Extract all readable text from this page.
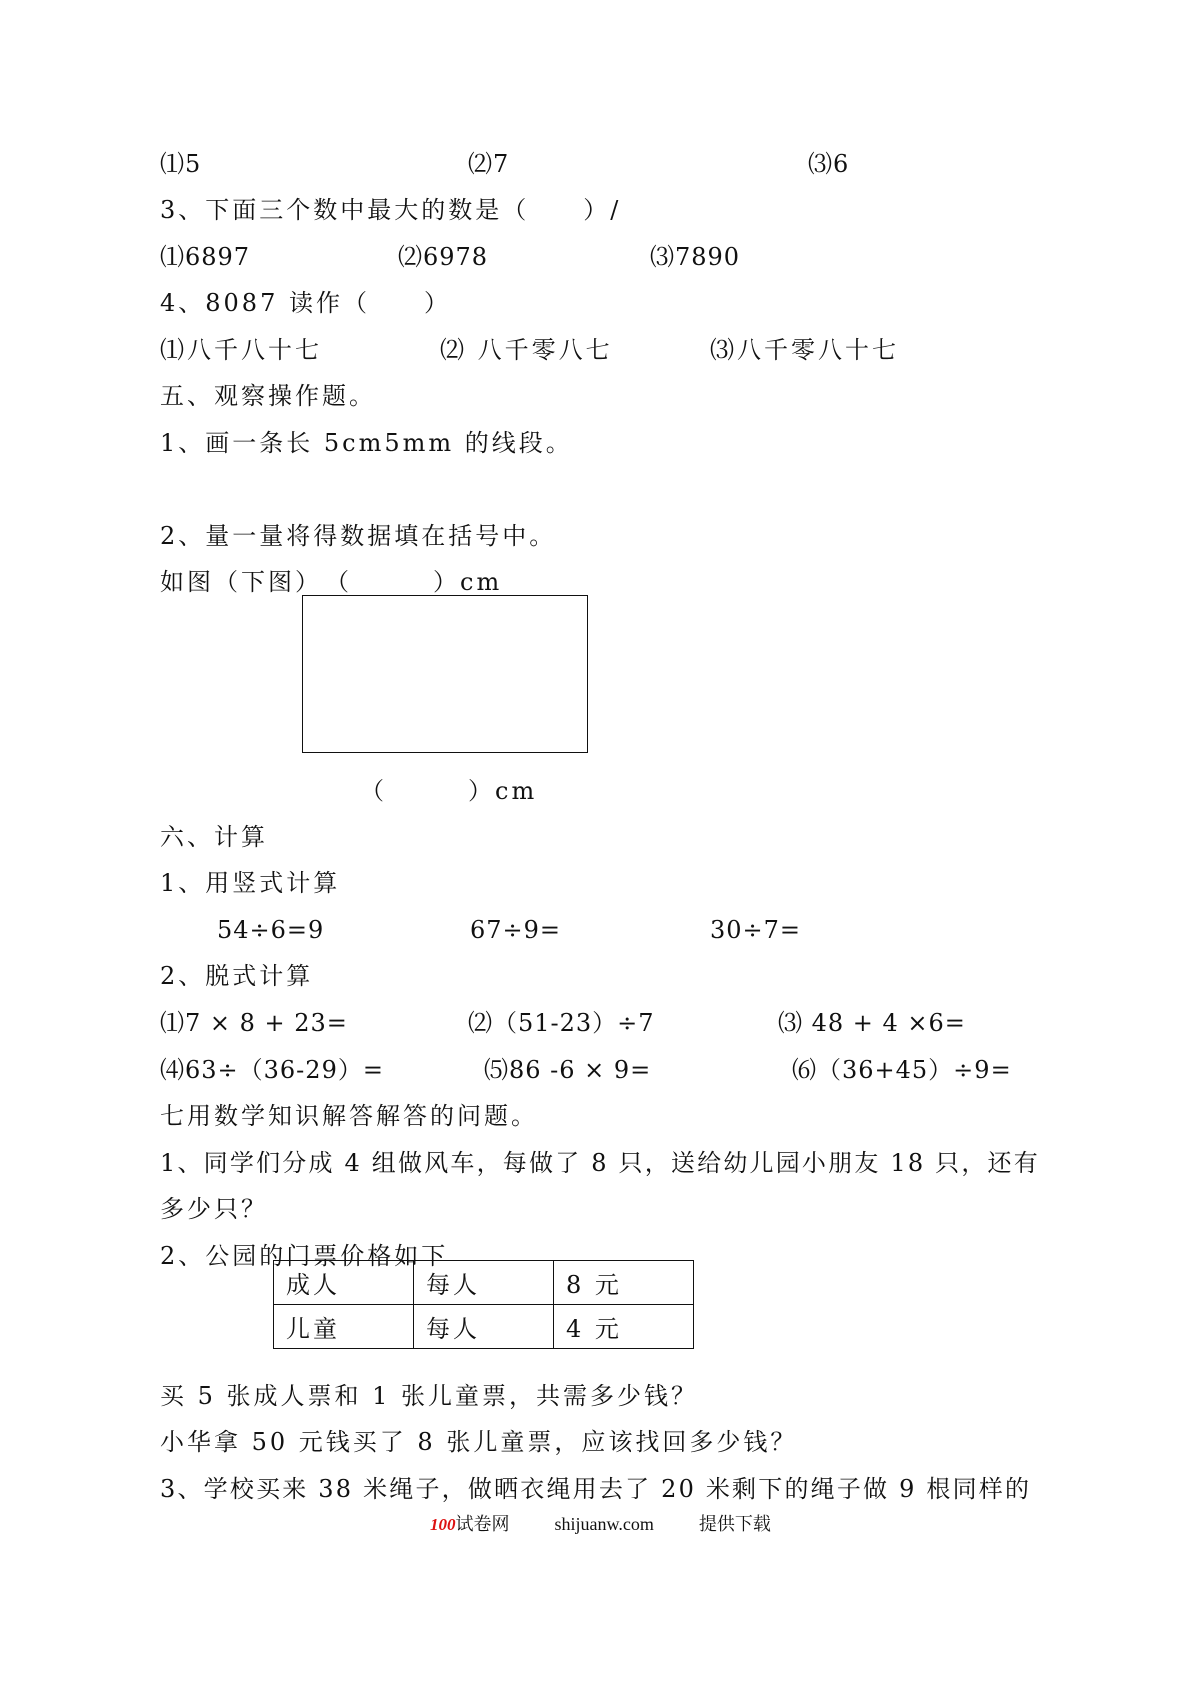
⑴5	⑵7	⑶6
3、下面三个数中最大的数是（　　）/
⑴6897	⑵6978	⑶7890
4、8087 读作（　　）
⑴八千八十七	⑵ 八千零八七	⑶八千零八十七
五、观察操作题。
1、画一条长 5cm5mm 的线段。
2、量一量将得数据填在括号中。
如图（下图）　（　　　）cm
（　　　）cm
六、计算
1、用竖式计算
54÷6=9	67÷9=	30÷7=
2、脱式计算
⑴7 × 8 + 23=	⑵（51-23）÷7	⑶ 48 + 4 ×6=
⑷63÷（36-29）=	⑸86 -6 × 9=	⑹（36+45）÷9=
七用数学知识解答解答的问题。
1、同学们分成 4 组做风车，每做了 8 只，送给幼儿园小朋友 18 只，还有
多少只？
2、公园的门票价格如下
成人	每人	8 元
儿童	每人	4 元
买 5 张成人票和 1 张儿童票，共需多少钱？
小华拿 50 元钱买了 8 张儿童票，应该找回多少钱？
3、学校买来 38 米绳子，做晒衣绳用去了 20 米剩下的绳子做 9 根同样的
100试卷网	shijuanw.com	提供下载
